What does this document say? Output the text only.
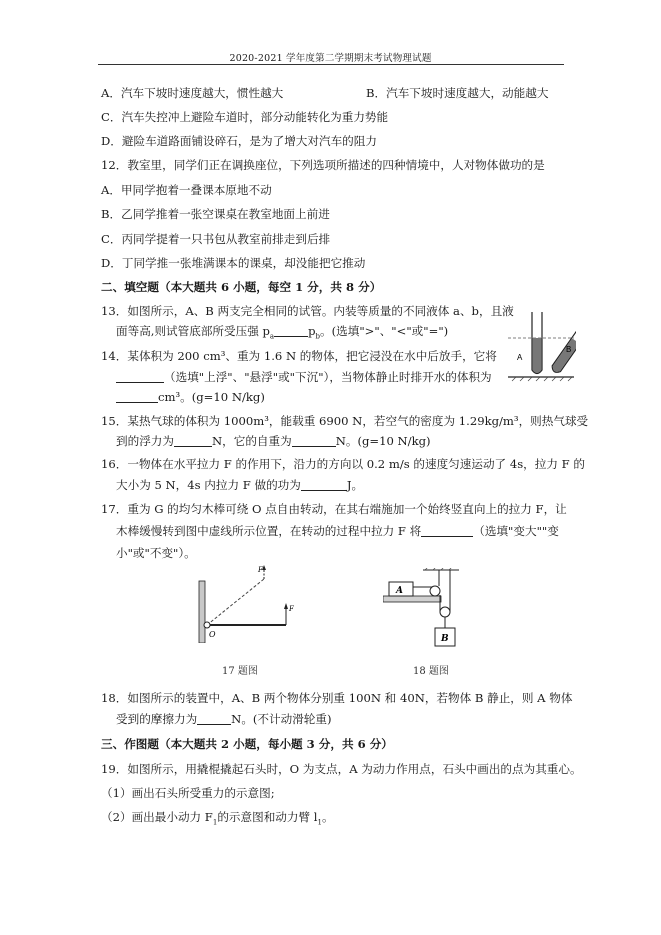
2020-2021 学年度第二学期期末考试物理试题
A．汽车下坡时速度越大，惯性越大	B．汽车下坡时速度越大，动能越大
C．汽车失控冲上避险车道时，部分动能转化为重力势能
D．避险车道路面铺设碎石，是为了增大对汽车的阻力
12．教室里，同学们正在调换座位，下列选项所描述的四种情境中，人对物体做功的是
A．甲同学抱着一叠课本原地不动
B．乙同学推着一张空课桌在教室地面上前进
C．丙同学提着一只书包从教室前排走到后排
D．丁同学推一张堆满课本的课桌，却没能把它推动
二、填空题（本大题共 6 小题，每空 1 分，共 8 分）
13．如图所示，A、B 两支完全相同的试管。内装等质量的不同液体 a、b，且液
面等高,则试管底部所受压强 $p_a$	$p_b$。(选填">"、"<"或"=")
A
B
14．某体积为 200 cm³、重为 1.6 N 的物体，把它浸没在水中后放手，它将
（选填"上浮"、"悬浮"或"下沉"），当物体静止时排开水的体积为
cm³。(g=10 N/kg)
15．某热气球的体积为 1000m³，能载重 6900 N，若空气的密度为 1.29kg/m³，则热气球受
到的浮力为	N，它的自重为	N。(g=10 N/kg)
16．一物体在水平拉力 F 的作用下，沿力的方向以 0.2 m/s 的速度匀速运动了 4s，拉力 F 的
大小为 5 N，4s 内拉力 F 做的功为	J。
17．重为 G 的均匀木棒可绕 O 点自由转动，在其右端施加一个始终竖直向上的拉力 F，让
木棒缓慢转到图中虚线所示位置，在转动的过程中拉力 F 将	（选填"变大""变
小"或"不变"）。
F
F
O
17 题图
A
B
18 题图
18．如图所示的装置中，A、B 两个物体分别重 100N 和 40N，若物体 B 静止，则 A 物体
受到的摩擦力为	N。(不计动滑轮重)
三、作图题（本大题共 2 小题，每小题 3 分，共 6 分）
19．如图所示，用撬棍撬起石头时，O 为支点，A 为动力作用点，石头中画出的点为其重心。
（1）画出石头所受重力的示意图;
（2）画出最小动力 $F_1$的示意图和动力臂 $l_1$。
